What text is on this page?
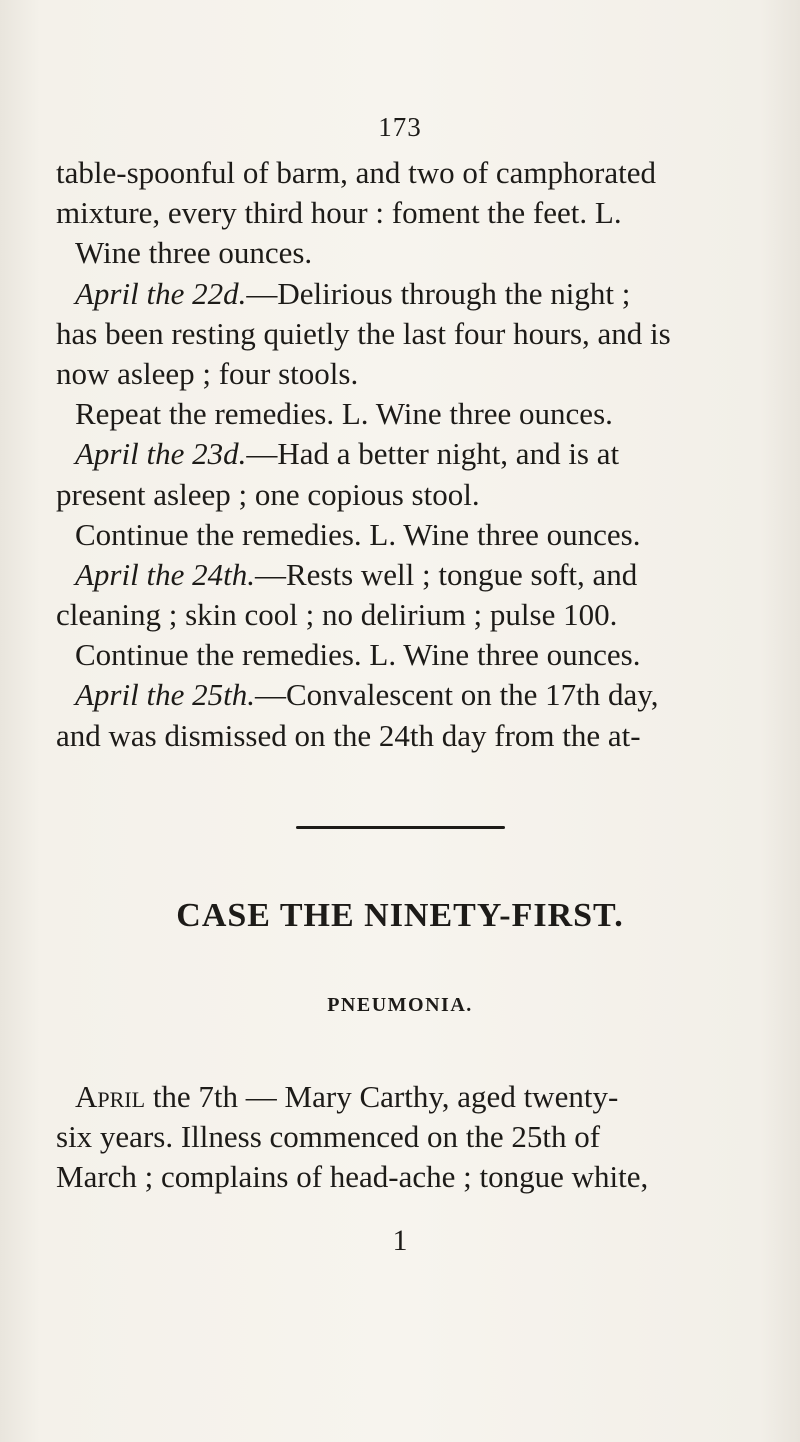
173
table-spoonful of barm, and two of camphorated
mixture, every third hour : foment the feet. L.
Wine three ounces.
April the 22d.—Delirious through the night ;
has been resting quietly the last four hours, and is
now asleep ; four stools.
Repeat the remedies. L. Wine three ounces.
April the 23d.—Had a better night, and is at
present asleep ; one copious stool.
Continue the remedies. L. Wine three ounces.
April the 24th.—Rests well ; tongue soft, and
cleaning ; skin cool ; no delirium ; pulse 100.
Continue the remedies. L. Wine three ounces.
April the 25th.—Convalescent on the 17th day,
and was dismissed on the 24th day from the at-
CASE THE NINETY-FIRST.
PNEUMONIA.
April the 7th — Mary Carthy, aged twenty-
six years. Illness commenced on the 25th of
March ; complains of head-ache ; tongue white,
1
